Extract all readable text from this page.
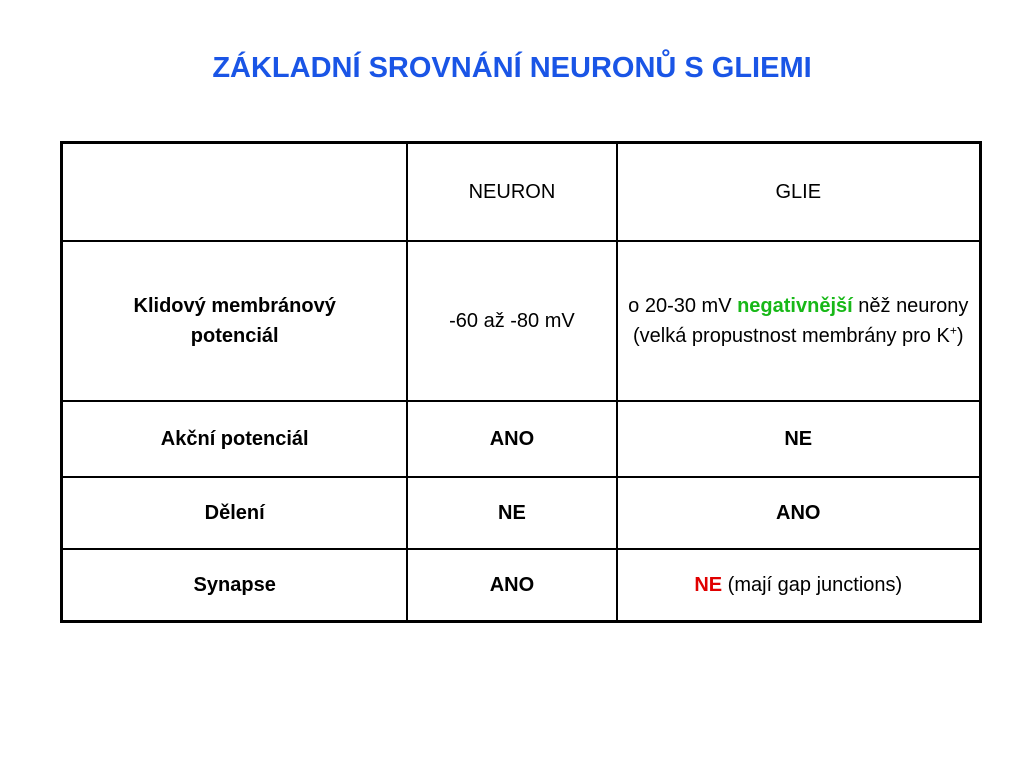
ZÁKLADNÍ SROVNÁNÍ NEURONŮ S GLIEMI
	NEURON	GLIE
Klidový membránový potenciál	-60 až -80 mV	o 20-30 mV negativnější něž neurony (velká propustnost membrány pro K+)
Akční potenciál	ANO	NE
Dělení	NE	ANO
Synapse	ANO	NE (mají gap junctions)
